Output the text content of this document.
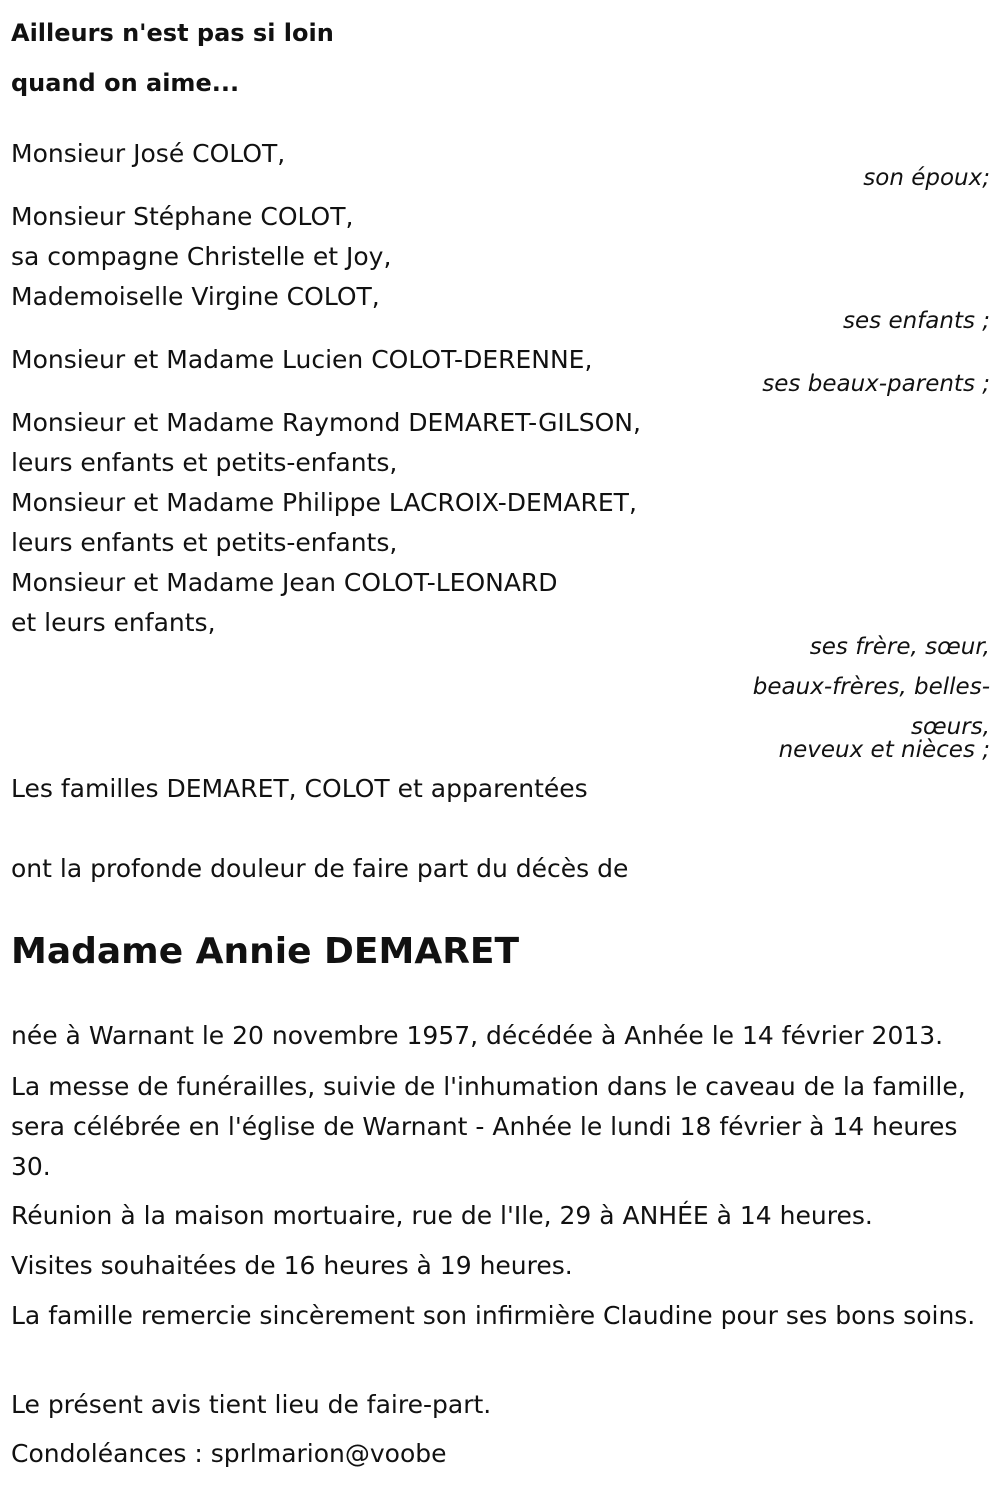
Ailleurs n'est pas si loin
quand on aime...
Monsieur José COLOT,
son époux;
Monsieur Stéphane COLOT,
sa compagne Christelle et Joy,
Mademoiselle Virgine COLOT,
ses enfants ;
Monsieur et Madame Lucien COLOT-DERENNE,
ses beaux-parents ;
Monsieur et Madame Raymond DEMARET-GILSON,
leurs enfants et petits-enfants,
Monsieur et Madame Philippe LACROIX-DEMARET,
leurs enfants et petits-enfants,
Monsieur et Madame Jean COLOT-LEONARD
et leurs enfants,
ses frère, sœur,
beaux-frères, belles-
sœurs,
neveux et nièces ;
Les familles DEMARET, COLOT et apparentées
ont la profonde douleur de faire part du décès de
Madame Annie DEMARET

née à Warnant le 20 novembre 1957, décédée à Anhée le 14 février 2013.

La messe de funérailles, suivie de l'inhumation dans le caveau de la famille, sera célébrée en l'église de Warnant - Anhée le lundi 18 février à 14 heures 30.

Réunion à la maison mortuaire, rue de l'Ile, 29 à ANHÉE à 14 heures.

Visites souhaitées de 16 heures à 19 heures.

La famille remercie sincèrement son infirmière Claudine pour ses bons soins.

Le présent avis tient lieu de faire-part.

Condoléances : sprlmarion@voobe
